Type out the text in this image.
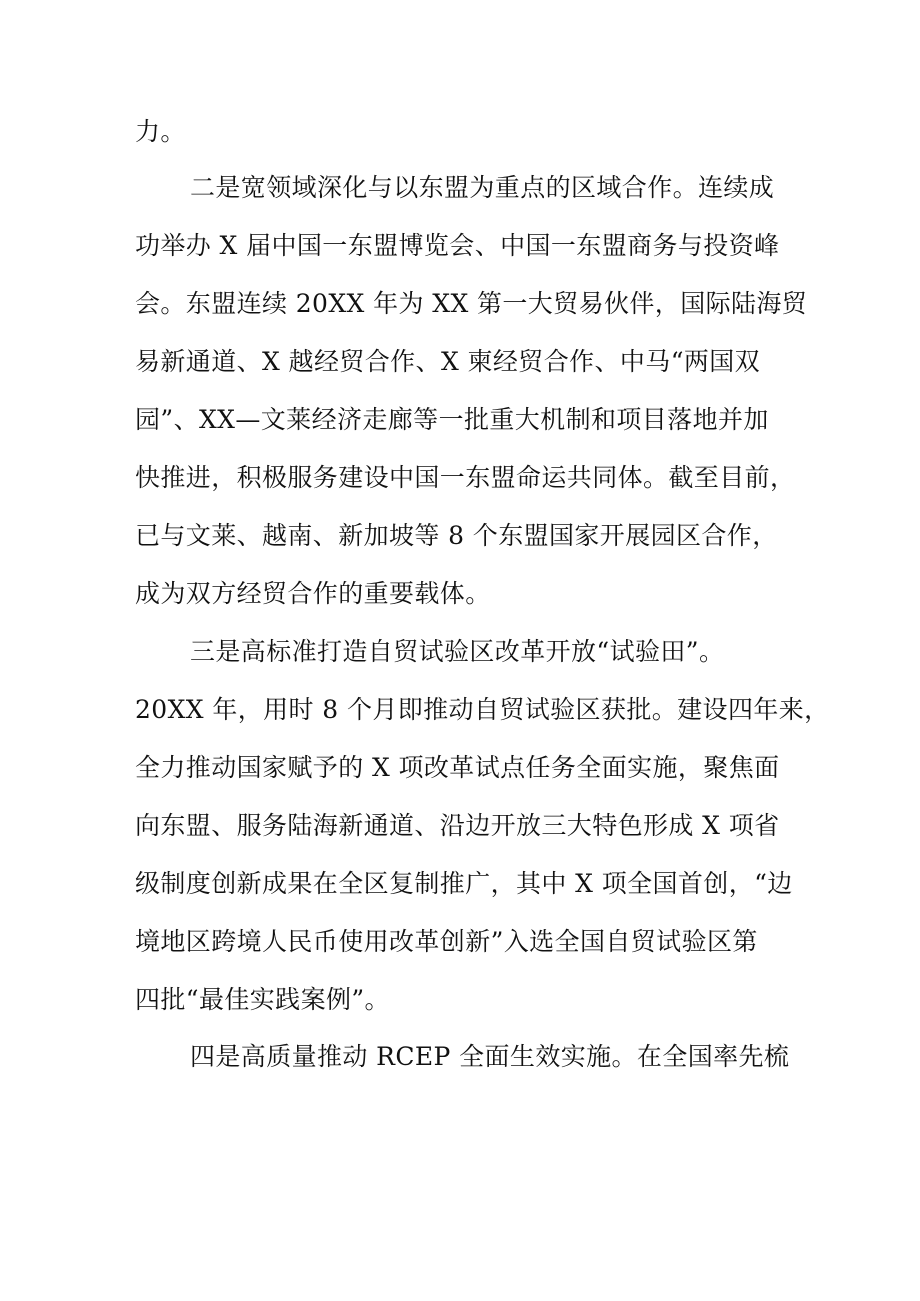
力。
二是宽领域深化与以东盟为重点的区域合作。连续成
功举办 X 届中国一东盟博览会、中国一东盟商务与投资峰
会。东盟连续 20XX 年为 XX 第一大贸易伙伴，国际陆海贸
易新通道、X 越经贸合作、X 柬经贸合作、中马“两国双
园”、XX—文莱经济走廊等一批重大机制和项目落地并加
快推进，积极服务建设中国一东盟命运共同体。截至目前，
已与文莱、越南、新加坡等 8 个东盟国家开展园区合作，
成为双方经贸合作的重要载体。
三是高标准打造自贸试验区改革开放“试验田”。
20XX 年，用时 8 个月即推动自贸试验区获批。建设四年来，
全力推动国家赋予的 X 项改革试点任务全面实施，聚焦面
向东盟、服务陆海新通道、沿边开放三大特色形成 X 项省
级制度创新成果在全区复制推广，其中 X 项全国首创，“边
境地区跨境人民币使用改革创新”入选全国自贸试验区第
四批“最佳实践案例”。
四是高质量推动 RCEP 全面生效实施。在全国率先梳
